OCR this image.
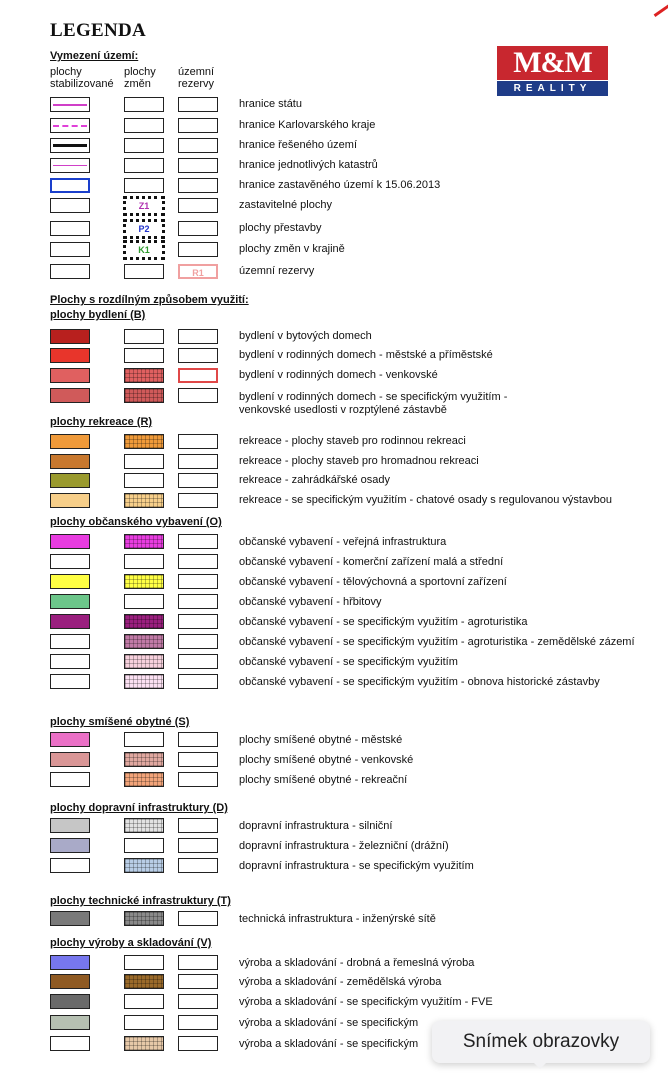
LEGENDA
Vymezení území:
plochy
stabilizované
plochy
změn
územní
rezervy
M&M
REALITY
hranice státu
hranice Karlovarského kraje
hranice řešeného území
hranice jednotlivých katastrů
hranice zastavěného území k 15.06.2013
Z1	zastavitelné plochy
P2	plochy přestavby
K1	plochy změn v krajině
R1	územní rezervy
Plochy s rozdílným způsobem využití:
plochy bydlení (B)
bydlení v bytových domech
bydlení v rodinných domech - městské a příměstské
bydlení v rodinných domech - venkovské
bydlení v rodinných domech - se specifickým využitím -
venkovské usedlosti v rozptýlené zástavbě
plochy rekreace (R)
rekreace - plochy staveb pro rodinnou rekreaci
rekreace - plochy staveb pro hromadnou rekreaci
rekreace - zahrádkářské osady
rekreace - se specifickým využitím - chatové osady s regulovanou výstavbou
plochy občanského vybavení (O)
občanské vybavení - veřejná infrastruktura
občanské vybavení - komerční zařízení malá a střední
občanské vybavení - tělovýchovná a sportovní zařízení
občanské vybavení - hřbitovy
občanské vybavení - se specifickým využitím - agroturistika
občanské vybavení - se specifickým využitím - agroturistika - zemědělské zázemí
občanské vybavení - se specifickým využitím
občanské vybavení - se specifickým využitím - obnova historické zástavby
plochy smíšené obytné (S)
plochy smíšené obytné - městské
plochy smíšené obytné - venkovské
plochy smíšené obytné - rekreační
plochy dopravní infrastruktury (D)
dopravní infrastruktura - silniční
dopravní infrastruktura - železniční (drážní)
dopravní infrastruktura - se specifickým využitím
plochy technické infrastruktury (T)
technická infrastruktura - inženýrské sítě
plochy výroby a skladování (V)
výroba a skladování - drobná a řemeslná výroba
výroba a skladování - zemědělská výroba
výroba a skladování - se specifickým využitím - FVE
výroba a skladování - se specifickým
výroba a skladování - se specifickým	Snímek obrazovky
